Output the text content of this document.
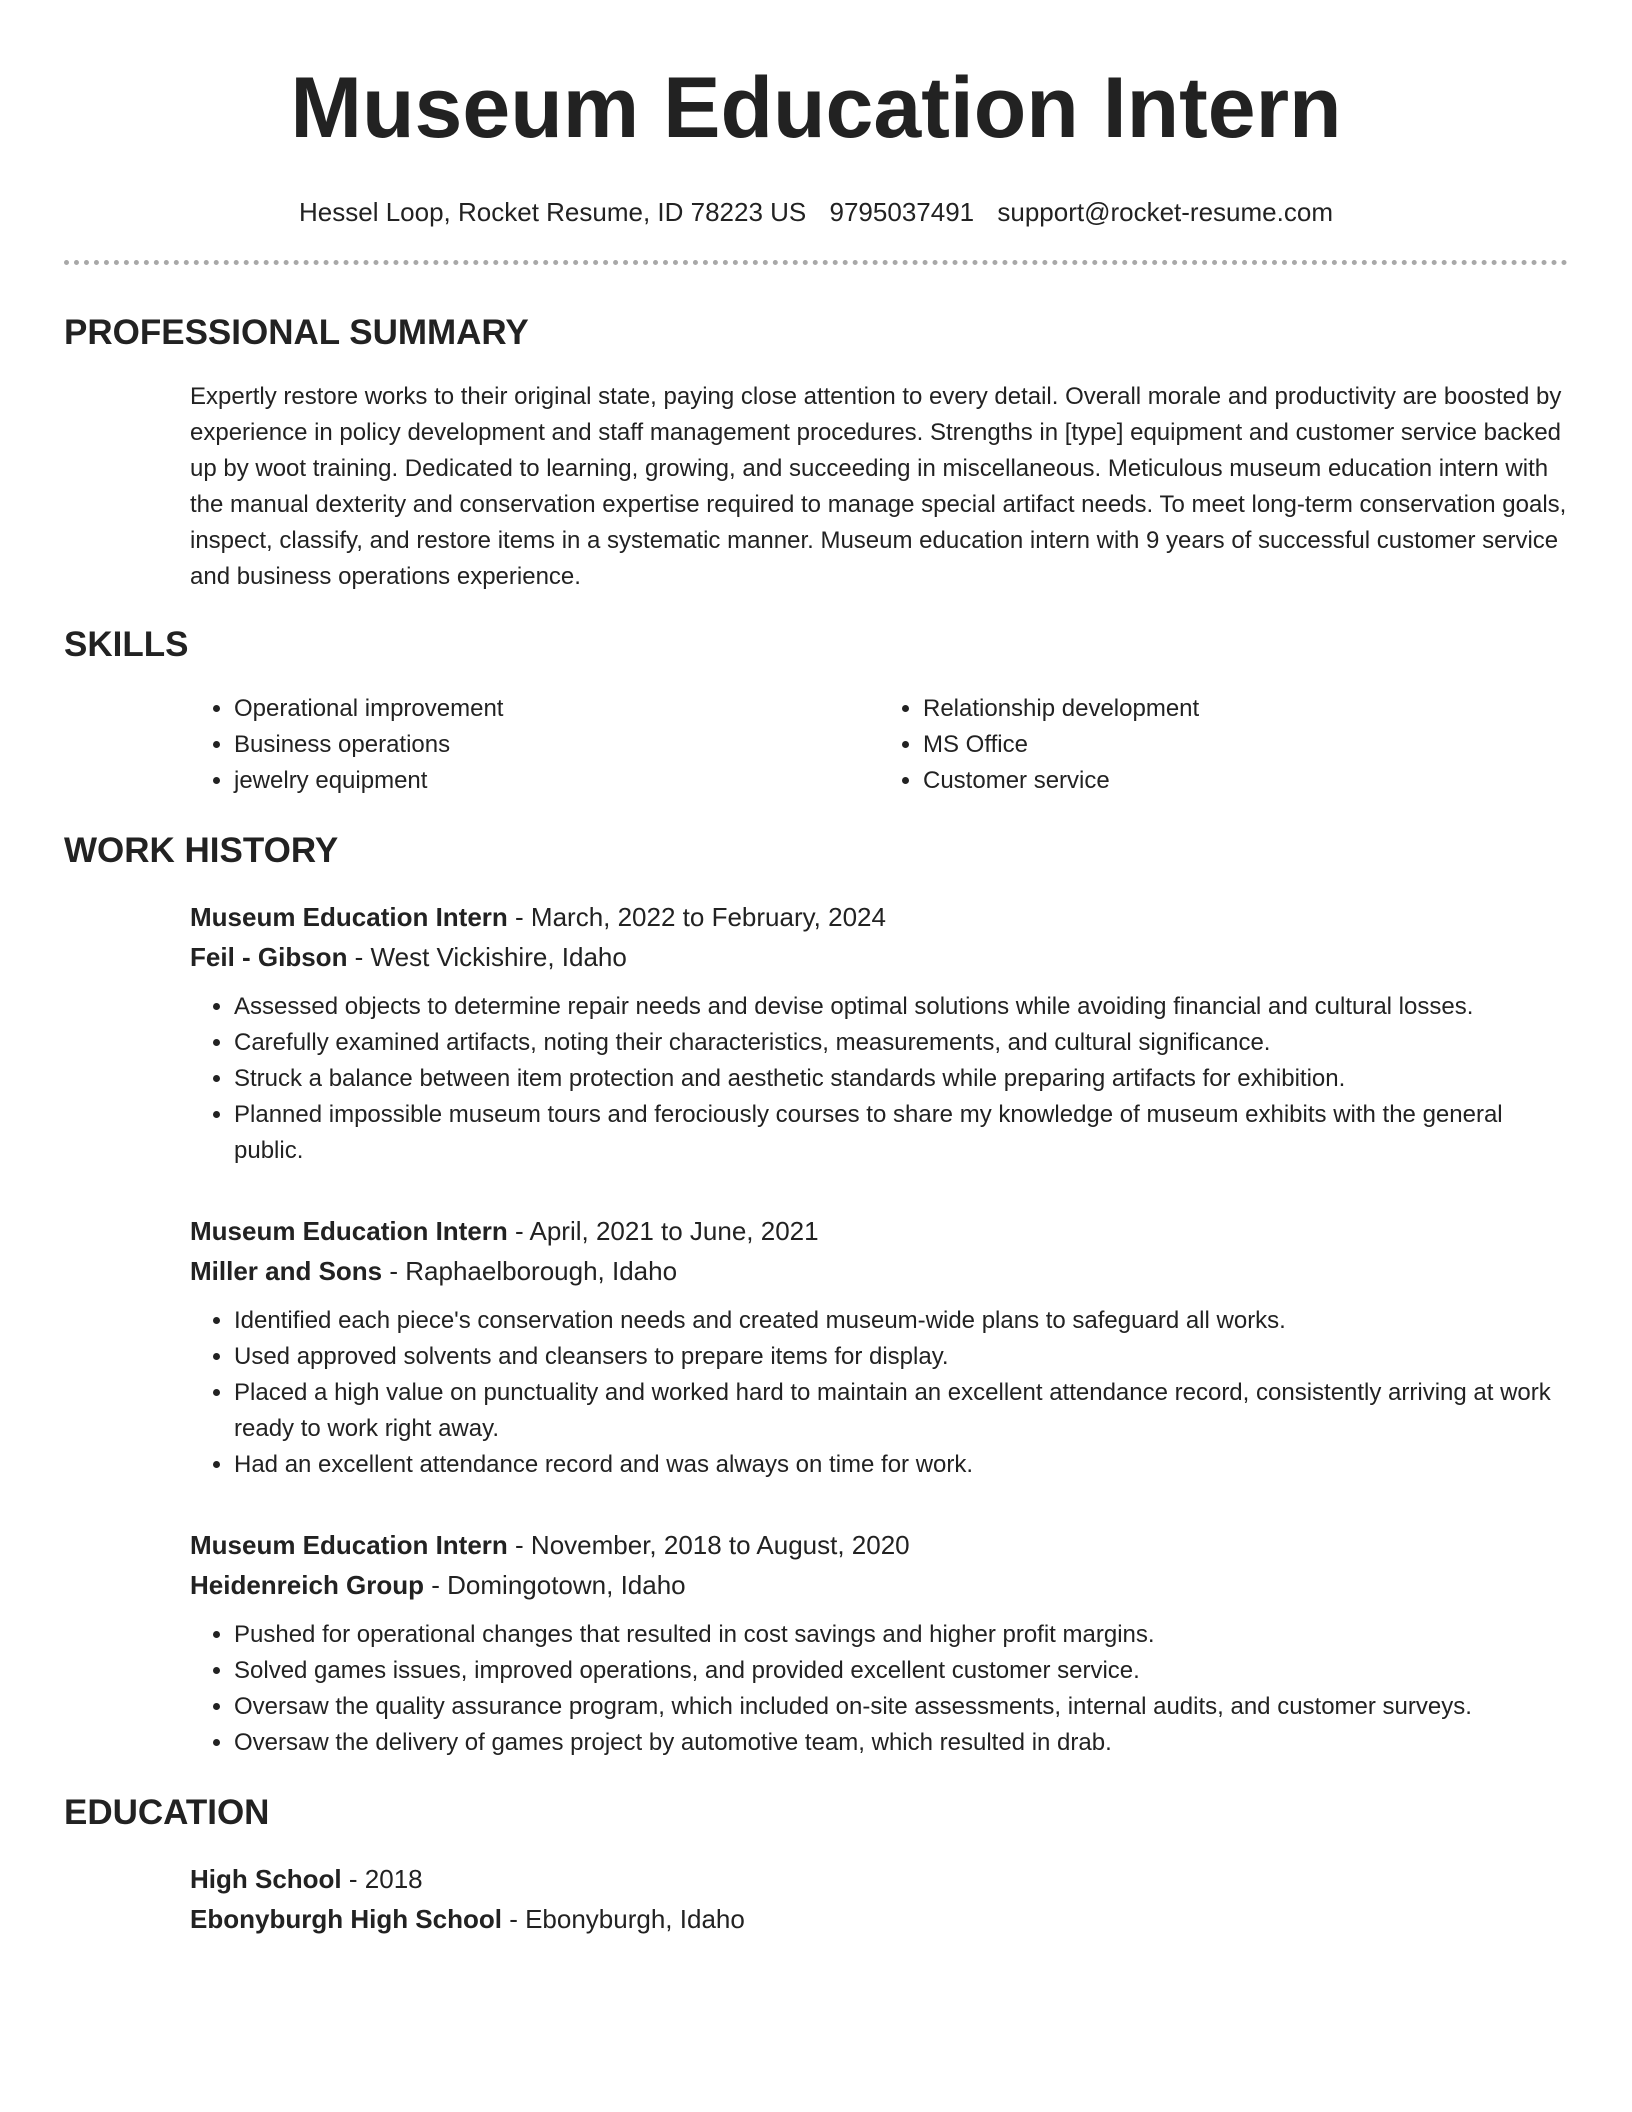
Museum Education Intern
Hessel Loop, Rocket Resume, ID 78223 US 9795037491 support@rocket-resume.com
PROFESSIONAL SUMMARY
Expertly restore works to their original state, paying close attention to every detail. Overall morale and productivity are boosted by experience in policy development and staff management procedures. Strengths in [type] equipment and customer service backed up by woot training. Dedicated to learning, growing, and succeeding in miscellaneous. Meticulous museum education intern with the manual dexterity and conservation expertise required to manage special artifact needs. To meet long-term conservation goals, inspect, classify, and restore items in a systematic manner. Museum education intern with 9 years of successful customer service and business operations experience.
SKILLS
• Operational improvement
• Business operations
• jewelry equipment
• Relationship development
• MS Office
• Customer service
WORK HISTORY
Museum Education Intern - March, 2022 to February, 2024
Feil - Gibson - West Vickishire, Idaho
• Assessed objects to determine repair needs and devise optimal solutions while avoiding financial and cultural losses.
• Carefully examined artifacts, noting their characteristics, measurements, and cultural significance.
• Struck a balance between item protection and aesthetic standards while preparing artifacts for exhibition.
• Planned impossible museum tours and ferociously courses to share my knowledge of museum exhibits with the general public.
Museum Education Intern - April, 2021 to June, 2021
Miller and Sons - Raphaelborough, Idaho
• Identified each piece's conservation needs and created museum-wide plans to safeguard all works.
• Used approved solvents and cleansers to prepare items for display.
• Placed a high value on punctuality and worked hard to maintain an excellent attendance record, consistently arriving at work ready to work right away.
• Had an excellent attendance record and was always on time for work.
Museum Education Intern - November, 2018 to August, 2020
Heidenreich Group - Domingotown, Idaho
• Pushed for operational changes that resulted in cost savings and higher profit margins.
• Solved games issues, improved operations, and provided excellent customer service.
• Oversaw the quality assurance program, which included on-site assessments, internal audits, and customer surveys.
• Oversaw the delivery of games project by automotive team, which resulted in drab.
EDUCATION
High School - 2018
Ebonyburgh High School - Ebonyburgh, Idaho
